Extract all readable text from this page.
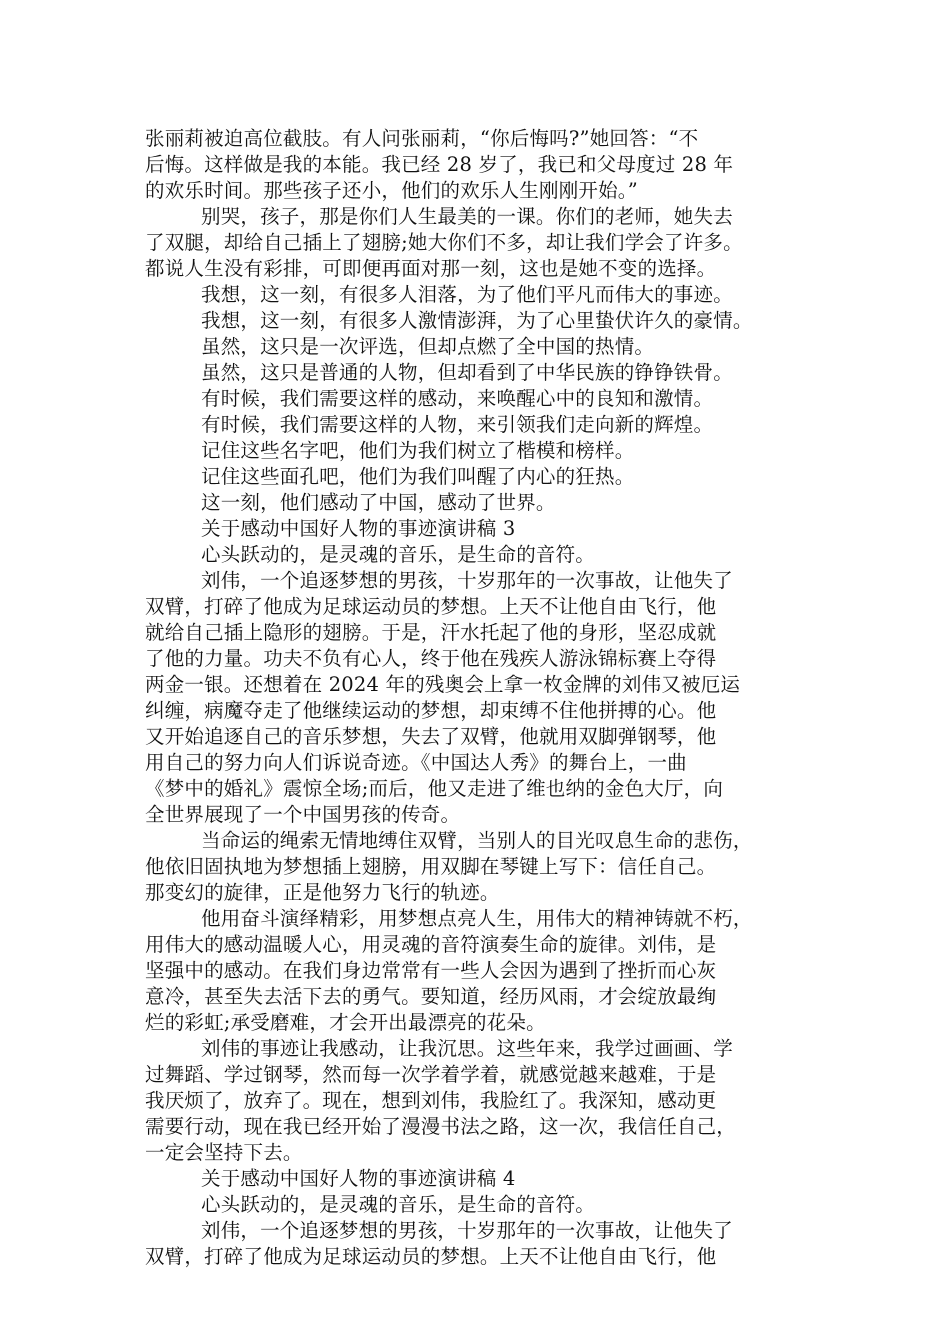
张丽莉被迫高位截肢。有人问张丽莉，“你后悔吗?”她回答：“不
后悔。这样做是我的本能。我已经 28 岁了，我已和父母度过 28 年
的欢乐时间。那些孩子还小，他们的欢乐人生刚刚开始。”
别哭，孩子，那是你们人生最美的一课。你们的老师，她失去
了双腿，却给自己插上了翅膀;她大你们不多，却让我们学会了许多。
都说人生没有彩排，可即便再面对那一刻，这也是她不变的选择。
我想，这一刻，有很多人泪落，为了他们平凡而伟大的事迹。
我想，这一刻，有很多人激情澎湃，为了心里蛰伏许久的豪情。
虽然，这只是一次评选，但却点燃了全中国的热情。
虽然，这只是普通的人物，但却看到了中华民族的铮铮铁骨。
有时候，我们需要这样的感动，来唤醒心中的良知和激情。
有时候，我们需要这样的人物，来引领我们走向新的辉煌。
记住这些名字吧，他们为我们树立了楷模和榜样。
记住这些面孔吧，他们为我们叫醒了内心的狂热。
这一刻，他们感动了中国，感动了世界。
关于感动中国好人物的事迹演讲稿 3
心头跃动的，是灵魂的音乐，是生命的音符。
刘伟，一个追逐梦想的男孩，十岁那年的一次事故，让他失了
双臂，打碎了他成为足球运动员的梦想。上天不让他自由飞行，他
就给自己插上隐形的翅膀。于是，汗水托起了他的身形，坚忍成就
了他的力量。功夫不负有心人，终于他在残疾人游泳锦标赛上夺得
两金一银。还想着在 2024 年的残奥会上拿一枚金牌的刘伟又被厄运
纠缠，病魔夺走了他继续运动的梦想，却束缚不住他拼搏的心。他
又开始追逐自己的音乐梦想，失去了双臂，他就用双脚弹钢琴，他
用自己的努力向人们诉说奇迹。《中国达人秀》的舞台上，一曲
《梦中的婚礼》震惊全场;而后，他又走进了维也纳的金色大厅，向
全世界展现了一个中国男孩的传奇。
当命运的绳索无情地缚住双臂，当别人的目光叹息生命的悲伤，
他依旧固执地为梦想插上翅膀，用双脚在琴键上写下：信任自己。
那变幻的旋律，正是他努力飞行的轨迹。
他用奋斗演绎精彩，用梦想点亮人生，用伟大的精神铸就不朽，
用伟大的感动温暖人心，用灵魂的音符演奏生命的旋律。刘伟，是
坚强中的感动。在我们身边常常有一些人会因为遇到了挫折而心灰
意冷，甚至失去活下去的勇气。要知道，经历风雨，才会绽放最绚
烂的彩虹;承受磨难，才会开出最漂亮的花朵。
刘伟的事迹让我感动，让我沉思。这些年来，我学过画画、学
过舞蹈、学过钢琴，然而每一次学着学着，就感觉越来越难，于是
我厌烦了，放弃了。现在，想到刘伟，我脸红了。我深知，感动更
需要行动，现在我已经开始了漫漫书法之路，这一次，我信任自己，
一定会坚持下去。
关于感动中国好人物的事迹演讲稿 4
心头跃动的，是灵魂的音乐，是生命的音符。
刘伟，一个追逐梦想的男孩，十岁那年的一次事故，让他失了
双臂，打碎了他成为足球运动员的梦想。上天不让他自由飞行，他
